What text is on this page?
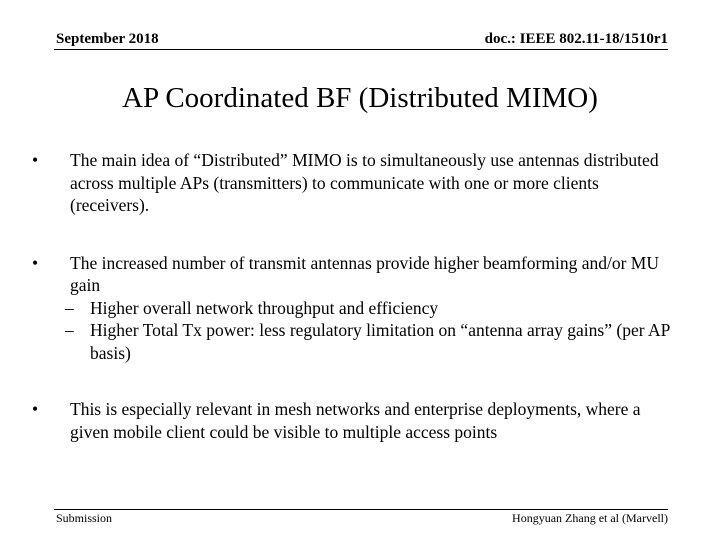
September 2018	doc.: IEEE 802.11-18/1510r1
AP Coordinated BF (Distributed MIMO)
• The main idea of “Distributed” MIMO is to simultaneously use antennas distributed across multiple APs (transmitters) to communicate with one or more clients (receivers).
• The increased number of transmit antennas provide higher beamforming and/or MU gain
– Higher overall network throughput and efficiency
– Higher Total Tx power: less regulatory limitation on “antenna array gains” (per AP basis)
• This is especially relevant in mesh networks and enterprise deployments, where a given mobile client could be visible to multiple access points
Submission	Hongyuan Zhang et al (Marvell)
